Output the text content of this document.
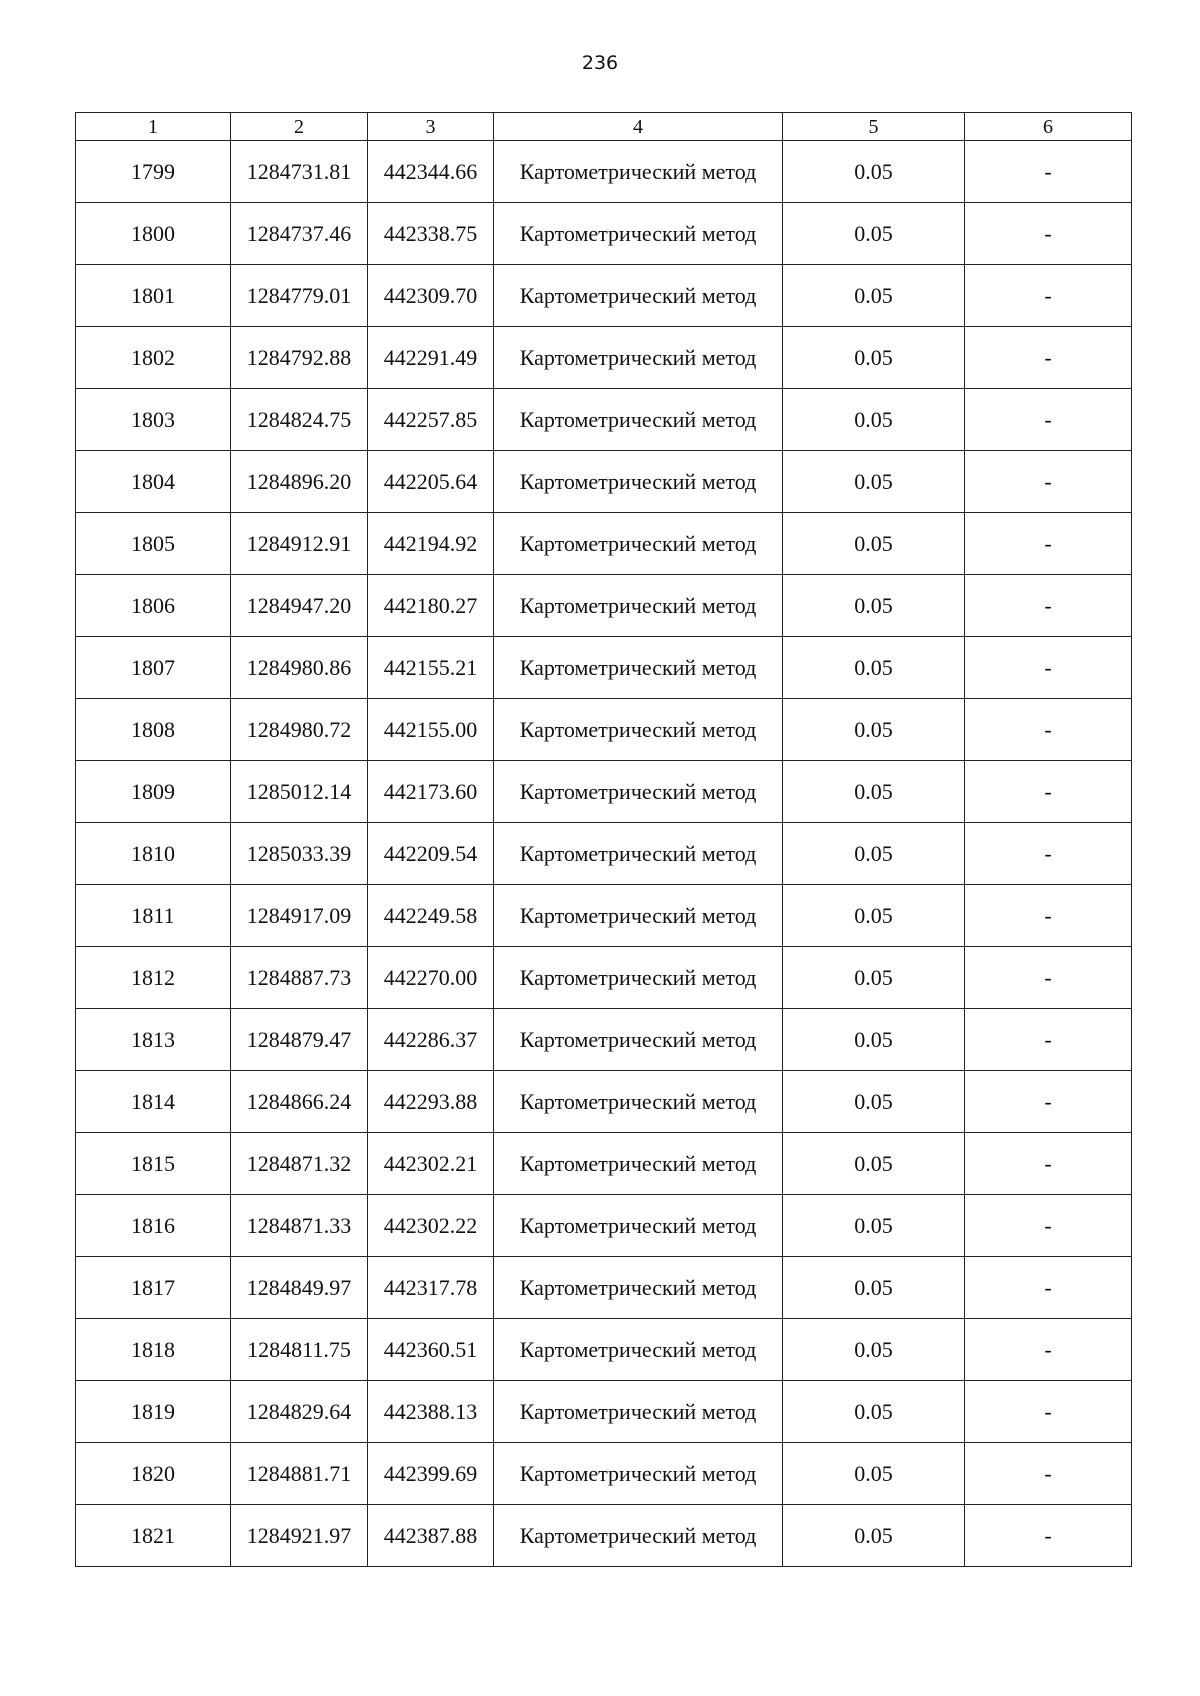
236
1	2	3	4	5	6
1799	1284731.81	442344.66	Картометрический метод	0.05	-
1800	1284737.46	442338.75	Картометрический метод	0.05	-
1801	1284779.01	442309.70	Картометрический метод	0.05	-
1802	1284792.88	442291.49	Картометрический метод	0.05	-
1803	1284824.75	442257.85	Картометрический метод	0.05	-
1804	1284896.20	442205.64	Картометрический метод	0.05	-
1805	1284912.91	442194.92	Картометрический метод	0.05	-
1806	1284947.20	442180.27	Картометрический метод	0.05	-
1807	1284980.86	442155.21	Картометрический метод	0.05	-
1808	1284980.72	442155.00	Картометрический метод	0.05	-
1809	1285012.14	442173.60	Картометрический метод	0.05	-
1810	1285033.39	442209.54	Картометрический метод	0.05	-
1811	1284917.09	442249.58	Картометрический метод	0.05	-
1812	1284887.73	442270.00	Картометрический метод	0.05	-
1813	1284879.47	442286.37	Картометрический метод	0.05	-
1814	1284866.24	442293.88	Картометрический метод	0.05	-
1815	1284871.32	442302.21	Картометрический метод	0.05	-
1816	1284871.33	442302.22	Картометрический метод	0.05	-
1817	1284849.97	442317.78	Картометрический метод	0.05	-
1818	1284811.75	442360.51	Картометрический метод	0.05	-
1819	1284829.64	442388.13	Картометрический метод	0.05	-
1820	1284881.71	442399.69	Картометрический метод	0.05	-
1821	1284921.97	442387.88	Картометрический метод	0.05	-
